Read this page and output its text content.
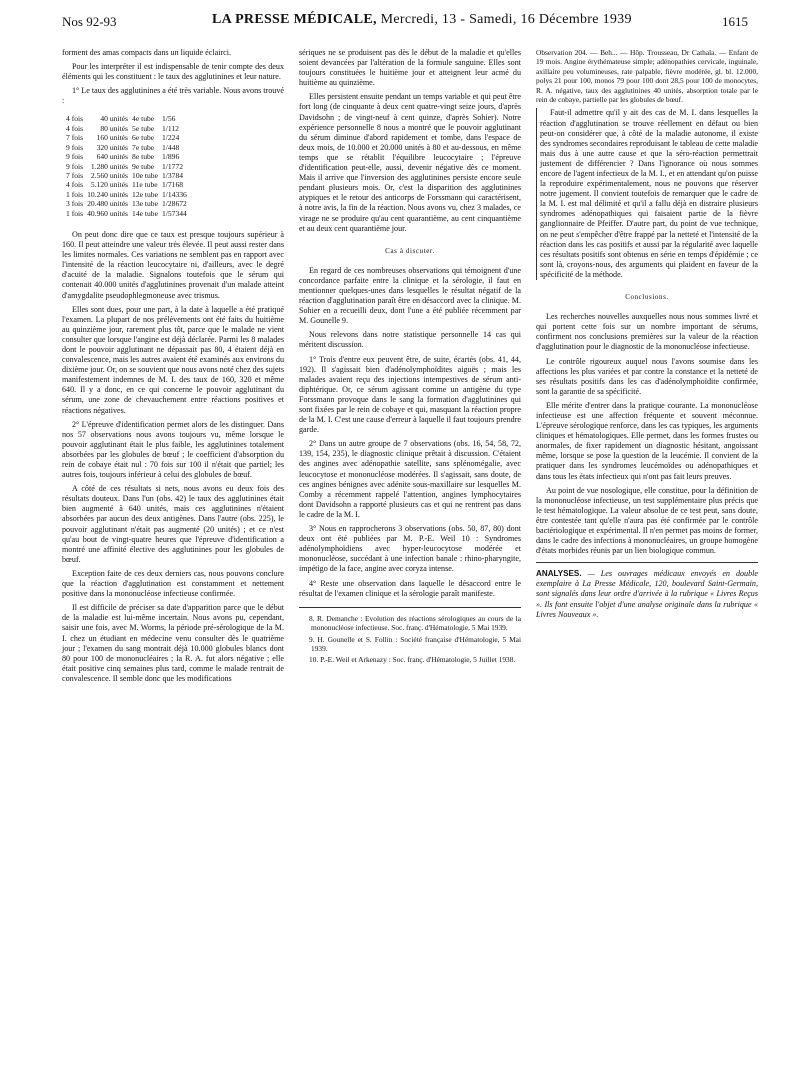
Nos 92-93	LA PRESSE MÉDICALE, Mercredi, 13 - Samedi, 16 Décembre 1939	1615

forment des amas compacts dans un liquide éclairci.

Pour les interpréter il est indispensable de tenir compte des deux éléments qui les constituent : le taux des agglutinines et leur nature.

1° Le taux des agglutinines a été très variable. Nous avons trouvé :

4 fois	40 unités	4e tube	1/56
4 fois	80 unités	5e tube	1/112
7 fois	160 unités	6e tube	1/224
9 fois	320 unités	7e tube	1/448
9 fois	640 unités	8e tube	1/896
9 fois	1.280 unités	9e tube	1/1772
7 fois	2.560 unités	10e tube	1/3784
4 fois	5.120 unités	11e tube	1/7168
1 fois	10.240 unités	12e tube	1/14336
3 fois	20.480 unités	13e tube	1/28672
1 fois	40.960 unités	14e tube	1/57344

On peut donc dire que ce taux est presque toujours supérieur à 160. Il peut atteindre une valeur très élevée. Il peut aussi rester dans les limites normales. Ces variations ne semblent pas en rapport avec l'intensité de la réaction leucocytaire ni, d'ailleurs, avec le degré d'acuité de la maladie. Signalons toutefois que le sérum qui contenait 40.000 unités d'agglutinines provenait d'un malade atteint d'amygdalite pseudophlegmoneuse avec trismus.

Elles sont dues, pour une part, à la date à laquelle a été pratiqué l'examen. La plupart de nos prélèvements ont été faits du huitième au quinzième jour, rarement plus tôt, parce que le malade ne vient consulter que lorsque l'angine est déjà déclarée. Parmi les 8 malades dont le pouvoir agglutinant ne dépassait pas 80, 4 étaient déjà en convalescence, mais les autres avaient été examinés aux environs du dixième jour. Or, on se souvient que nous avons noté chez des sujets manifestement indemnes de M. I. des taux de 160, 320 et même 640. Il y a donc, en ce qui concerne le pouvoir agglutinant du sérum, une zone de chevauchement entre réactions positives et réactions négatives.

2° L'épreuve d'identification permet alors de les distinguer. Dans nos 57 observations nous avons toujours vu, même lorsque le pouvoir agglutinant était le plus faible, les agglutinines totalement absorbées par les globules de bœuf ; le coefficient d'absorption du rein de cobaye était nul : 70 fois sur 100 il n'était que partiel; les autres fois, toujours inférieur à celui des globules de bœuf.

A côté de ces résultats si nets, nous avons eu deux fois des résultats douteux. Dans l'un (obs. 42) le taux des agglutinines était bien augmenté à 640 unités, mais ces agglutinines n'étaient absorbées par aucun des deux antigènes. Dans l'autre (obs. 225), le pouvoir agglutinant n'était pas augmenté (20 unités) ; et ce n'est qu'au bout de vingt-quatre heures que l'épreuve d'identification a montré une affinité élective des agglutinines pour les globules de bœuf.

Exception faite de ces deux derniers cas, nous pouvons conclure que la réaction d'agglutination est constamment et nettement positive dans la mononucléose infectieuse confirmée.

Il est difficile de préciser sa date d'apparition parce que le début de la maladie est lui-même incertain. Nous avons pu, cependant, saisir une fois, avec M. Worms, la période pré-sérologique de la M. I. chez un étudiant en médecine venu consulter dès le quatrième jour ; l'examen du sang montrait déjà 10.000 globules blancs dont 80 pour 100 de mononucléaires ; la R. A. fut alors négative ; elle était positive cinq semaines plus tard, comme le malade rentrait de convalescence. Il semble donc que les modifications

sériques ne se produisent pas dès le début de la maladie et qu'elles soient devancées par l'altération de la formule sanguine. Elles sont toujours constituées le huitième jour et atteignent leur acmé du huitième au quinzième.

Elles persistent ensuite pendant un temps variable et qui peut être fort long (de cinquante à deux cent quatre-vingt seize jours, d'après Davidsohn ; de vingt-neuf à cent quinze, d'après Sohier). Notre expérience personnelle 8 nous a montré que le pouvoir agglutinant du sérum diminue d'abord rapidement et tombe, dans l'espace de deux mois, de 10.000 et 20.000 unités à 80 et au-dessous, en même temps que se rétablit l'équilibre leucocytaire ; l'épreuve d'identification peut-elle, aussi, devenir négative dès ce moment. Mais il arrive que l'inversion des agglutinines persiste encore seule pendant plusieurs mois. Or, c'est la disparition des agglutinines atypiques et le retour des anticorps de Forssmann qui caractérisent, à notre avis, la fin de la réaction. Nous avons vu, chez 3 malades, ce virage ne se produire qu'au cent quarantième, au cent cinquantième et au deux cent quarantième jour.

Cas à discuter.

En regard de ces nombreuses observations qui témoignent d'une concordance parfaite entre la clinique et la sérologie, il faut en mentionner quelques-unes dans lesquelles le résultat négatif de la réaction d'agglutination paraît être en désaccord avec la clinique. M. Sohier en a recueilli deux, dont l'une a été publiée récemment par M. Gounelle 9.

Nous relevons dans notre statistique personnelle 14 cas qui méritent discussion.

1° Trois d'entre eux peuvent être, de suite, écartés (obs. 41, 44, 192). Il s'agissait bien d'adénolymphoïdites aiguës ; mais les malades avaient reçu des injections intempestives de sérum anti-diphtérique. Or, ce sérum agissant comme un antigène du type Forssmann provoque dans le sang la formation d'agglutinines qui sont fixées par le rein de cobaye et qui, masquant la réaction propre de la M. I. C'est une cause d'erreur à laquelle il faut toujours prendre garde.

2° Dans un autre groupe de 7 observations (obs. 16, 54, 58, 72, 139, 154, 235), le diagnostic clinique prêtait à discussion. C'étaient des angines avec adénopathie satellite, sans splénomégalie, avec leucocytose et mononucléose modérées. Il s'agissait, sans doute, de ces angines bénignes avec adénite sous-maxillaire sur lesquelles M. Comby a récemment rappelé l'attention, angines lymphocytaires dont Davidsohn a rapporté plusieurs cas et qui ne rentrent pas dans le cadre de la M. I.

3° Nous en rapprocherons 3 observations (obs. 50, 87, 80) dont deux ont été publiées par M. P.-E. Weil 10 : Syndromes adénolymphoïdiens avec hyper-leucocytose modérée et mononucléose, succédant à une infection banale : rhino-pharyngite, impétigo de la face, angine avec coryza intense.

4° Reste une observation dans laquelle le désaccord entre le résultat de l'examen clinique et la sérologie paraît manifeste.

8. R. Demanche : Evolution des réactions sérologiques au cours de la mononucléose infectieuse. Soc. franç. d'Hématologie, 5 Mai 1939.

9. H. Gounelle et S. Follin : Société française d'Hématologie, 5 Mai 1939.

10. P.-E. Weil et Arkenazy : Soc. franç. d'Hématologie, 5 Juillet 1938.

Observation 204. — Beh... — Hôp. Trousseau, Dr Cathala. — Enfant de 19 mois. Angine érythémateuse simple; adénopathies cervicale, inguinale, axillaire peu volumineuses, rate palpable, fièvre modérée, gl. bl. 12.000, polys 21 pour 100, monos 79 pour 100 dont 28,5 pour 100 de monocytes, R. A. négative, taux des agglutinines 40 unités, absorption totale par le rein de cobaye, partielle par les globules de bœuf.

Faut-il admettre qu'il y ait des cas de M. I. dans lesquelles la réaction d'agglutination se trouve réellement en défaut ou bien peut-on considérer que, à côté de la maladie autonome, il existe des syndromes secondaires reproduisant le tableau de cette maladie mais dus à une autre cause et que la séro-réaction permettrait justement de différencier ? Dans l'ignorance où nous sommes encore de l'agent infectieux de la M. I., et en attendant qu'on puisse la reproduire expérimentalement, nous ne pouvons que réserver notre jugement. Il convient toutefois de remarquer que le cadre de la M. I. est mal délimité et qu'il a fallu déjà en distraire plusieurs syndromes adénopathiques qui faisaient partie de la fièvre ganglionnaire de Pfeiffer. D'autre part, du point de vue technique, on ne peut s'empêcher d'être frappé par la netteté et l'intensité de la réaction dans les cas positifs et aussi par la régularité avec laquelle ces résultats positifs sont obtenus en série en temps d'épidémie ; ce sont là, croyons-nous, des arguments qui plaident en faveur de la spécificité de la méthode.

Conclusions.

Les recherches nouvelles auxquelles nous nous sommes livré et qui portent cette fois sur un nombre important de sérums, confirment nos conclusions premières sur la valeur de la réaction d'agglutination pour le diagnostic de la mononucléose infectieuse.

Le contrôle rigoureux auquel nous l'avons soumise dans les affections les plus variées et par contre la constance et la netteté de ses résultats positifs dans les cas d'adénolymphoïdite confirmée, sont la garantie de sa spécificité.

Elle mérite d'entrer dans la pratique courante. La mononucléose infectieuse est une affection fréquente et souvent méconnue. L'épreuve sérologique renforce, dans les cas typiques, les arguments cliniques et hématologiques. Elle permet, dans les formes frustes ou anormales, de fixer rapidement un diagnostic hésitant, angoissant même, lorsque se pose la question de la leucémie. Il convient de la pratiquer dans les syndromes leucémoïdes ou adénopathiques et dans tous les états infectieux qui n'ont pas fait leurs preuves.

Au point de vue nosologique, elle constitue, pour la définition de la mononucléose infectieuse, un test supplémentaire plus précis que le test hématologique. La valeur absolue de ce test peut, sans doute, être contestée tant qu'elle n'aura pas été confirmée par le contrôle bactériologique et expérimental. Il n'en permet pas moins de former, dans le cadre des infections à mononucléaires, un groupe homogène d'états morbides réunis par un lien biologique commun.

ANALYSES. — Les ouvrages médicaux envoyés en double exemplaire à La Presse Médicale, 120, boulevard Saint-Germain, sont signalés dans leur ordre d'arrivée à la rubrique « Livres Reçus ». Ils font ensuite l'objet d'une analyse originale dans la rubrique « Livres Nouveaux ».
